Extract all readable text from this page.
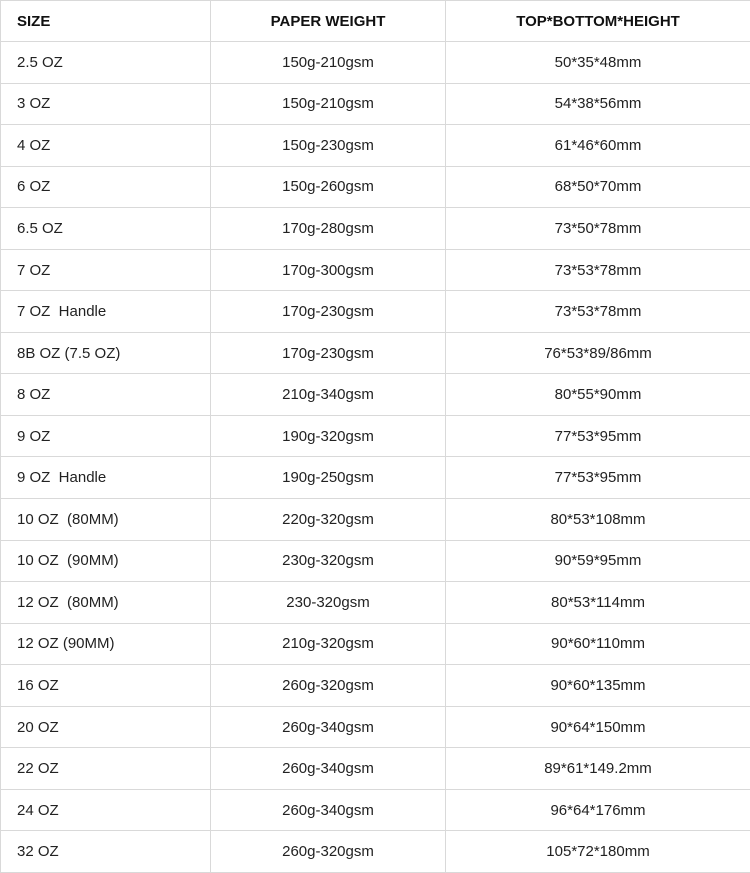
SIZE	PAPER WEIGHT	TOP*BOTTOM*HEIGHT
2.5 OZ	150g-210gsm	50*35*48mm
3 OZ	150g-210gsm	54*38*56mm
4 OZ	150g-230gsm	61*46*60mm
6 OZ	150g-260gsm	68*50*70mm
6.5 OZ	170g-280gsm	73*50*78mm
7 OZ	170g-300gsm	73*53*78mm
7 OZ  Handle	170g-230gsm	73*53*78mm
8B OZ (7.5 OZ)	170g-230gsm	76*53*89/86mm
8 OZ	210g-340gsm	80*55*90mm
9 OZ	190g-320gsm	77*53*95mm
9 OZ  Handle	190g-250gsm	77*53*95mm
10 OZ  (80MM)	220g-320gsm	80*53*108mm
10 OZ  (90MM)	230g-320gsm	90*59*95mm
12 OZ  (80MM)	230-320gsm	80*53*114mm
12 OZ (90MM)	210g-320gsm	90*60*110mm
16 OZ	260g-320gsm	90*60*135mm
20 OZ	260g-340gsm	90*64*150mm
22 OZ	260g-340gsm	89*61*149.2mm
24 OZ	260g-340gsm	96*64*176mm
32 OZ	260g-320gsm	105*72*180mm
